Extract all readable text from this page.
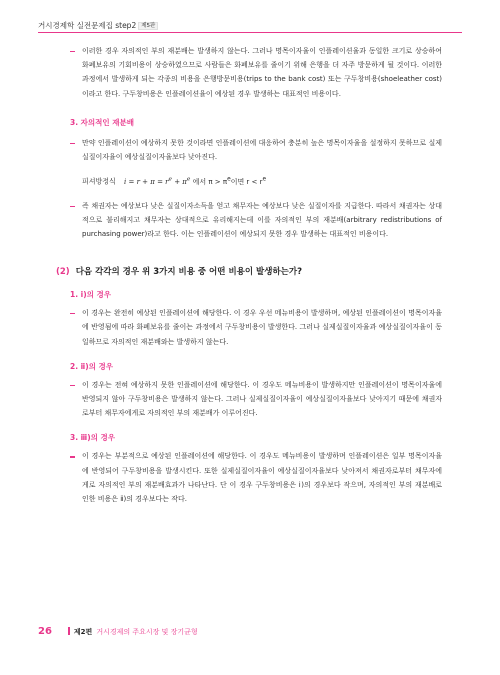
거시경제학 실전문제집 step2 제5판

이러한 경우 자의적인 부의 재분배는 발생하지 않는다. 그러나 명목이자율이 인플레이션율과 동일한 크기로 상승하여 화폐보유의 기회비용이 상승하였으므로 사람들은 화폐보유를 줄이기 위해 은행을 더 자주 방문하게 될 것이다. 이러한 과정에서 발생하게 되는 각종의 비용을 은행방문비용(trips to the bank cost) 또는 구두창비용(shoeleather cost)이라고 한다. 구두창비용은 인플레이션율이 예상된 경우 발생하는 대표적인 비용이다.

3. 자의적인 재분배

만약 인플레이션이 예상하지 못한 것이라면 인플레이션에 대응하여 충분히 높은 명목이자율을 설정하지 못하므로 실제실질이자율이 예상실질이자율보다 낮아진다.

피셔방정식 $i = r + \pi = r^e + \pi^e$ 에서 $\pi > \pi^e$이면 $r < r^e$

즉 채권자는 예상보다 낮은 실질이자소득을 얻고 채무자는 예상보다 낮은 실질이자를 지급한다. 따라서 채권자는 상대적으로 불리해지고 채무자는 상대적으로 유리해지는데 이를 자의적인 부의 재분배(arbitrary redistributions of purchasing power)라고 한다. 이는 인플레이션이 예상되지 못한 경우 발생하는 대표적인 비용이다.

(2) 다음 각각의 경우 위 3가지 비용 중 어떤 비용이 발생하는가?
1. ⅰ)의 경우

이 경우는 완전히 예상된 인플레이션에 해당한다. 이 경우 우선 메뉴비용이 발생하며, 예상된 인플레이션이 명목이자율에 반영됨에 따라 화폐보유를 줄이는 과정에서 구두창비용이 발생한다. 그러나 실제실질이자율과 예상실질이자율이 동일하므로 자의적인 재분배와는 발생하지 않는다.

2. ⅱ)의 경우

이 경우는 전혀 예상하지 못한 인플레이션에 해당한다. 이 경우도 메뉴비용이 발생하지만 인플레이션이 명목이자율에 반영되지 않아 구두창비용은 발생하지 않는다. 그러나 실제실질이자율이 예상실질이자율보다 낮아지기 때문에 채권자로부터 채무자에게로 자의적인 부의 재분배가 이루어진다.

3. ⅲ)의 경우

이 경우는 부분적으로 예상된 인플레이션에 해당한다. 이 경우도 메뉴비용이 발생하며 인플레이션은 일부 명목이자율에 반영되어 구두창비용을 발생시킨다. 또한 실제실질이자율이 예상실질이자율보다 낮아져서 채권자로부터 채무자에게로 자의적인 부의 재분배효과가 나타난다. 단 이 경우 구두창비용은 ⅰ)의 경우보다 작으며, 자의적인 부의 재분배로 인한 비용은 ⅱ)의 경우보다는 작다.

26	제2편 거시경제의 주요시장 및 장기균형
